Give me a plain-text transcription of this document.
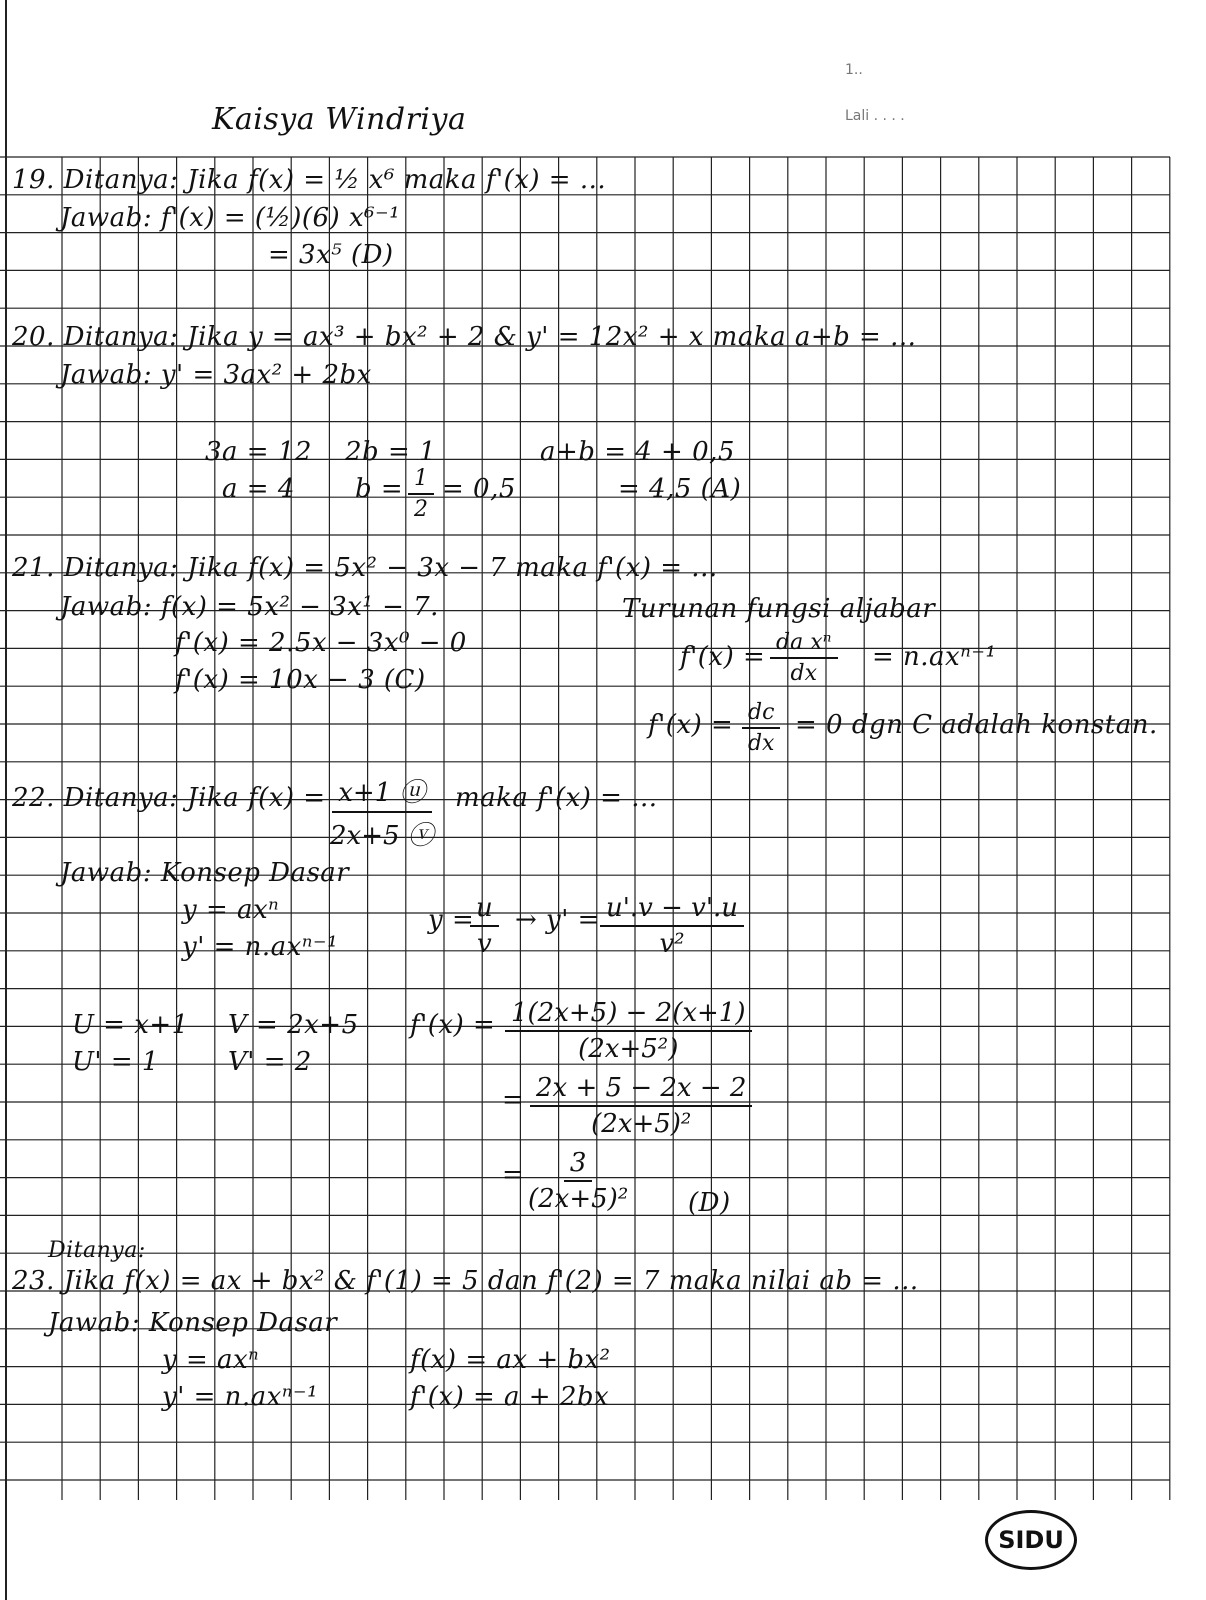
1..
Lali . . . .
Kaisya Windriya
19. Ditanya: Jika f(x) = ½ x⁶ maka f'(x) = ...
Jawab: f'(x) = (½)(6) x⁶⁻¹
= 3x⁵ (D)
20. Ditanya: Jika y = ax³ + bx² + 2 & y' = 12x² + x maka a+b = ...
Jawab: y' = 3ax² + 2bx
3a = 12
a = 4
2b = 1
$b = \frac{1}{2} = 0,5$
a+b = 4 + 0,5
= 4,5 (A)
21. Ditanya: Jika f(x) = 5x² − 3x − 7 maka f'(x) = ...
Jawab: f(x) = 5x² − 3x¹ − 7.
f'(x) = 2.5x − 3x⁰ − 0
f'(x) = 10x − 3 (C)
Turunan fungsi aljabar
$f'(x) = \frac{\text{da xⁿ}}{dx} = n.ax^{n-1}$
$f'(x) = \frac{dc}{dx} = 0$ dgn C adalah konstan.
22. Ditanya: Jika $f(x) = \frac{x+1 ⓤ}{2x+5 ⓥ}$ maka f'(x) = ...
Jawab: Konsep Dasar
y = axⁿ
y' = n.axⁿ⁻¹
y =
$\frac{u}{v} \to y' = \frac{u'.v - v'.u}{\text{v²}}$
U = x+1
U' = 1
V = 2x+5
V' = 2
$f'(x) = \frac{1(2x+5) - 2(x+1)}{\text{(2x+5²)}}$
= $\frac{2x + 5 - 2x - 2}{\text{(2x+5)²}}$
= $\frac{3}{\text{(2x+5)²}} (D)$
Ditanya:
23. Jika f(x) = ax + bx² & f'(1) = 5 dan f'(2) = 7 maka nilai ab = ...
Jawab: Konsep Dasar
y = axⁿ
y' = n.axⁿ⁻¹
f(x) = ax + bx²
f'(x) = a + 2bx
SIDU
